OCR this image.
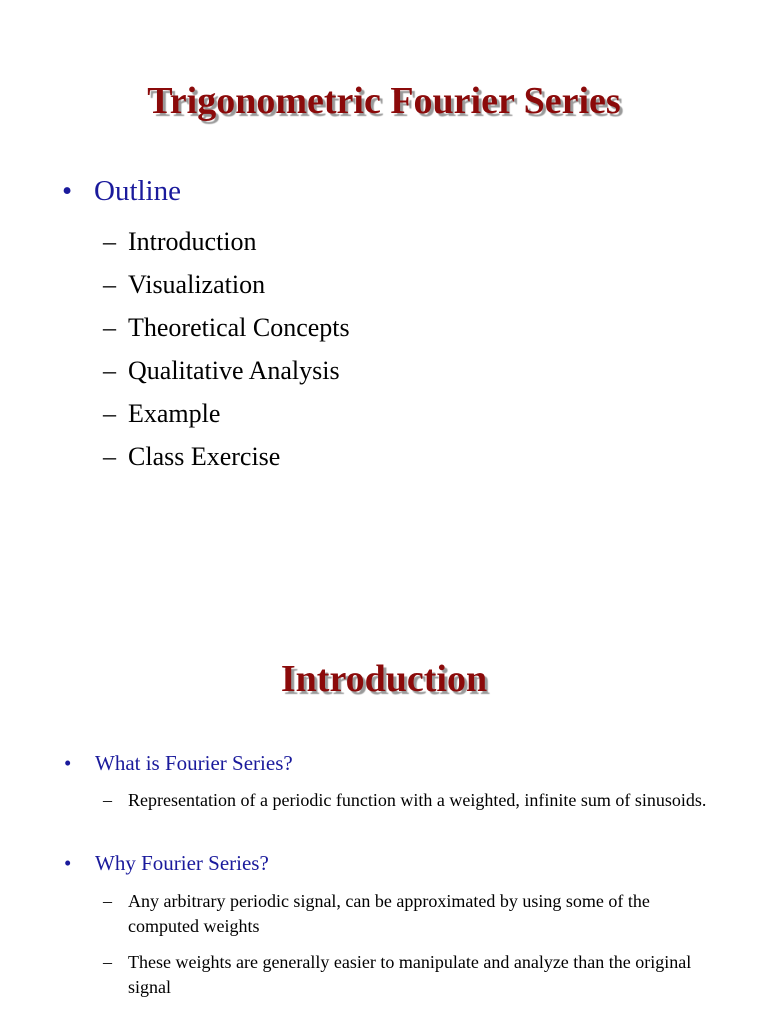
Trigonometric Fourier Series
• Outline
– Introduction
– Visualization
– Theoretical Concepts
– Qualitative Analysis
– Example
– Class Exercise
Introduction
•	What is Fourier Series?
– Representation of a periodic function with a weighted, infinite sum of sinusoids.
•	Why Fourier Series?
– Any arbitrary periodic signal, can be approximated by using some of the computed weights
– These weights are generally easier to manipulate and analyze than the original signal
